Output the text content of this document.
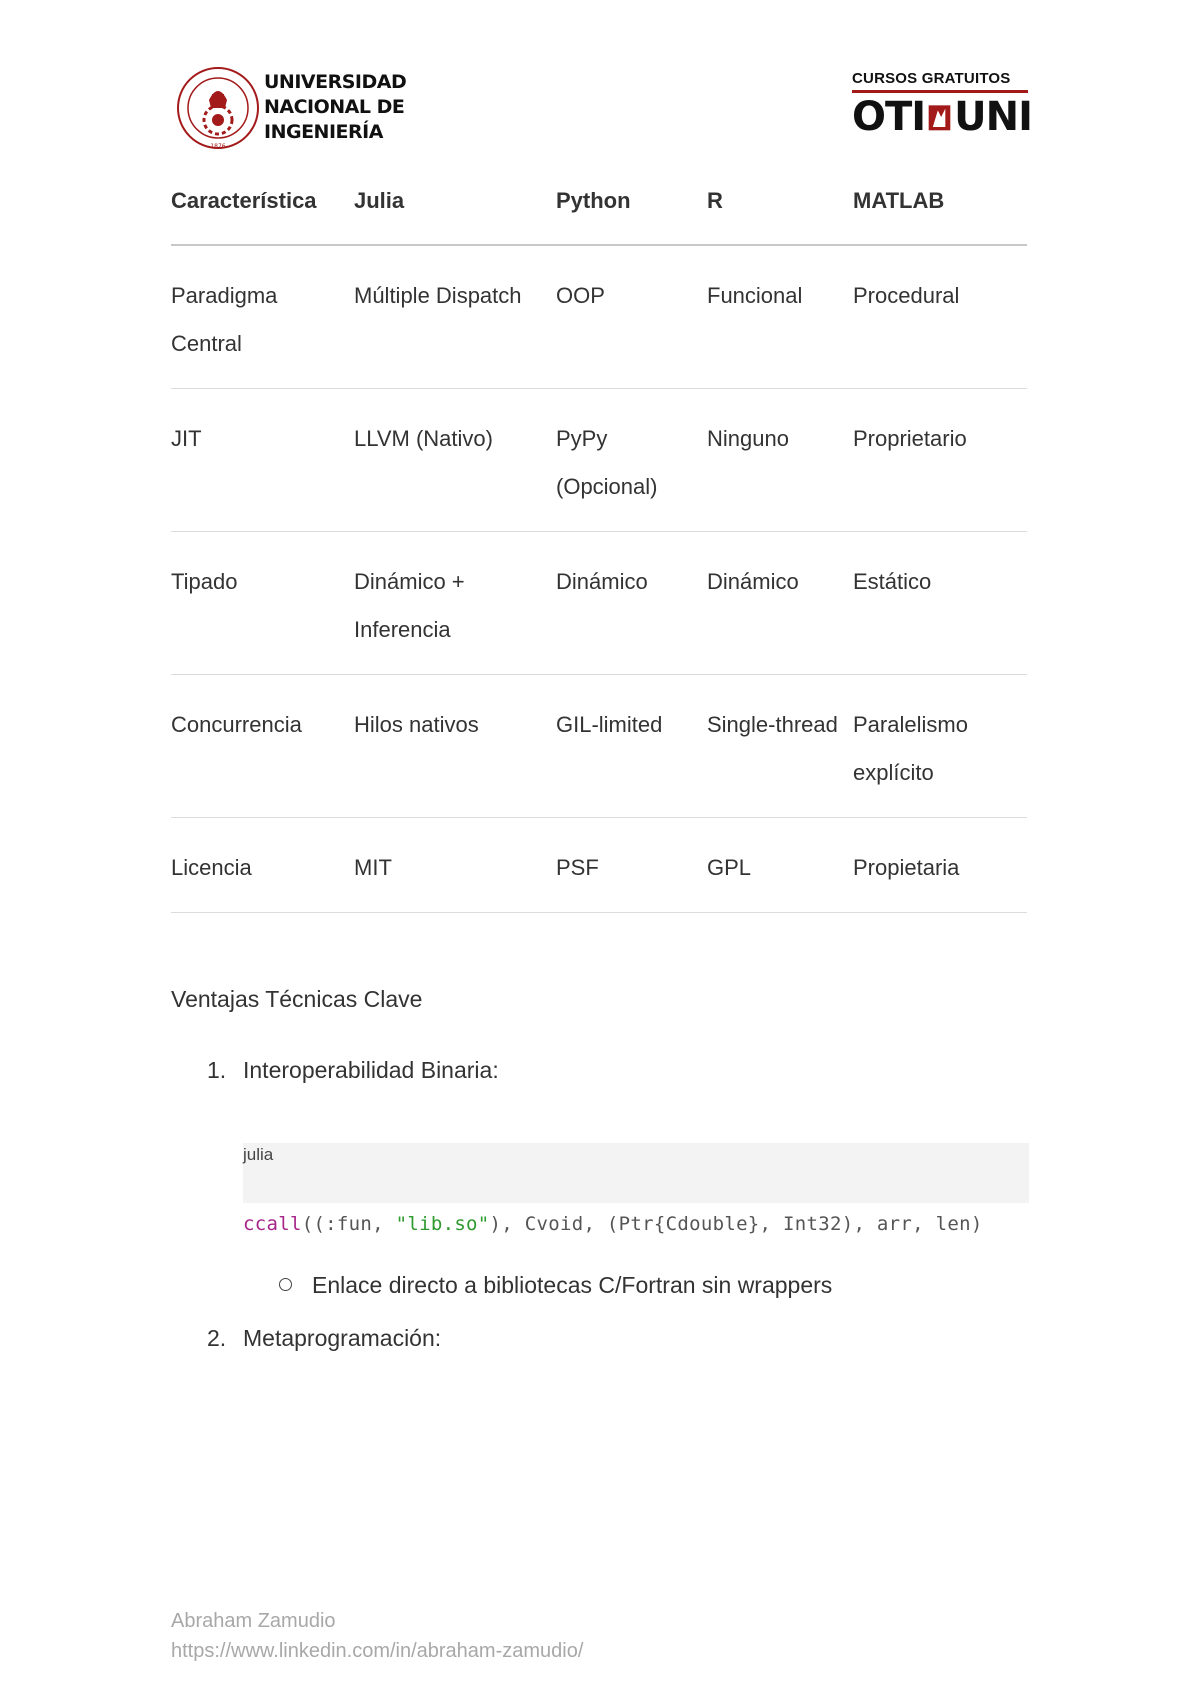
1876
UNIVERSIDAD
NACIONAL DE
INGENIERÍA
CURSOS GRATUITOS
OTI UNI
Característica	Julia	Python	R	MATLAB
Paradigma Central	Múltiple Dispatch	OOP	Funcional	Procedural
JIT	LLVM (Nativo)	PyPy (Opcional)	Ninguno	Proprietario
Tipado	Dinámico + Inferencia	Dinámico	Dinámico	Estático
Concurrencia	Hilos nativos	GIL-limited	Single-thread	Paralelismo explícito
Licencia	MIT	PSF	GPL	Propietaria
Ventajas Técnicas Clave
1. Interoperabilidad Binaria:
julia
ccall((:fun, "lib.so"), Cvoid, (Ptr{Cdouble}, Int32), arr, len)
Enlace directo a bibliotecas C/Fortran sin wrappers
2. Metaprogramación:
Abraham Zamudio
https://www.linkedin.com/in/abraham-zamudio/
